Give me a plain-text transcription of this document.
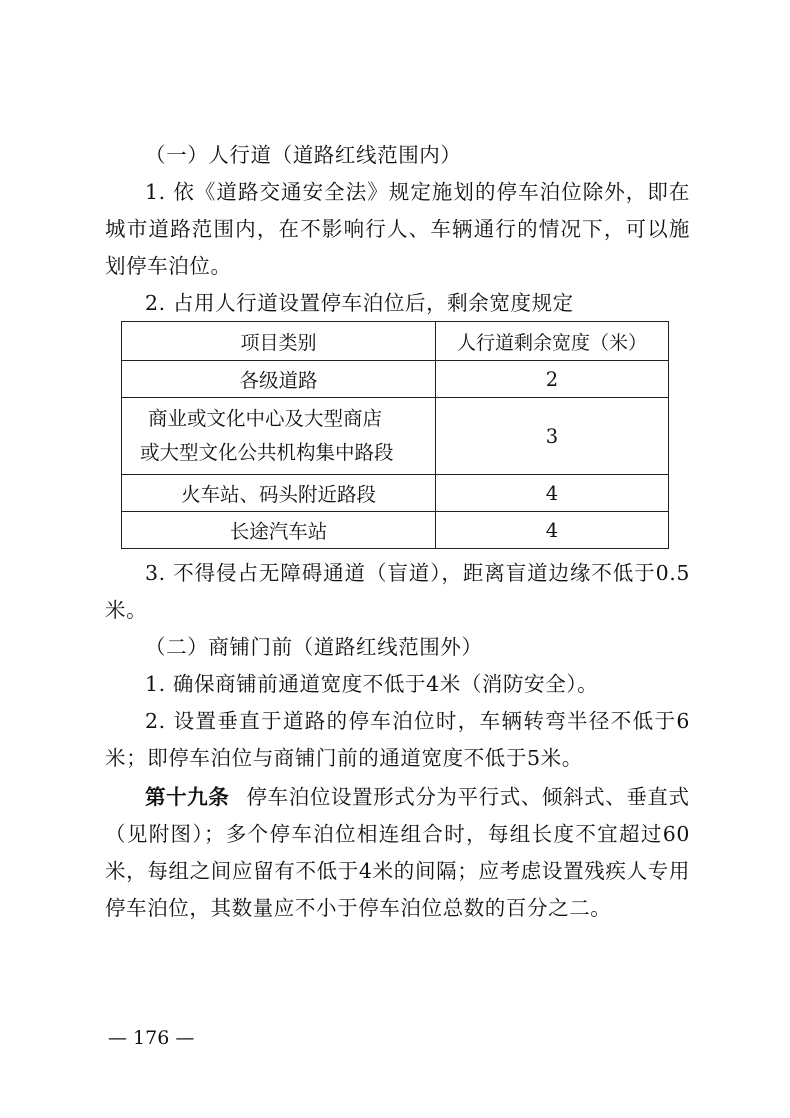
（一）人行道（道路红线范围内）
1. 依《道路交通安全法》规定施划的停车泊位除外，即在
城市道路范围内，在不影响行人、车辆通行的情况下，可以施
划停车泊位。
2. 占用人行道设置停车泊位后，剩余宽度规定
项目类别	人行道剩余宽度（米）
各级道路	2

商业或文化中心及大型商店
或大型文化公共机构集中路段	3
火车站、码头附近路段	4
长途汽车站	4
3. 不得侵占无障碍通道（盲道），距离盲道边缘不低于0.5
米。
（二）商铺门前（道路红线范围外）
1. 确保商铺前通道宽度不低于4米（消防安全）。
2. 设置垂直于道路的停车泊位时，车辆转弯半径不低于6
米；即停车泊位与商铺门前的通道宽度不低于5米。
第十九条 停车泊位设置形式分为平行式、倾斜式、垂直式
（见附图）；多个停车泊位相连组合时，每组长度不宜超过60
米，每组之间应留有不低于4米的间隔；应考虑设置残疾人专用
停车泊位，其数量应不小于停车泊位总数的百分之二。
— 176 —
